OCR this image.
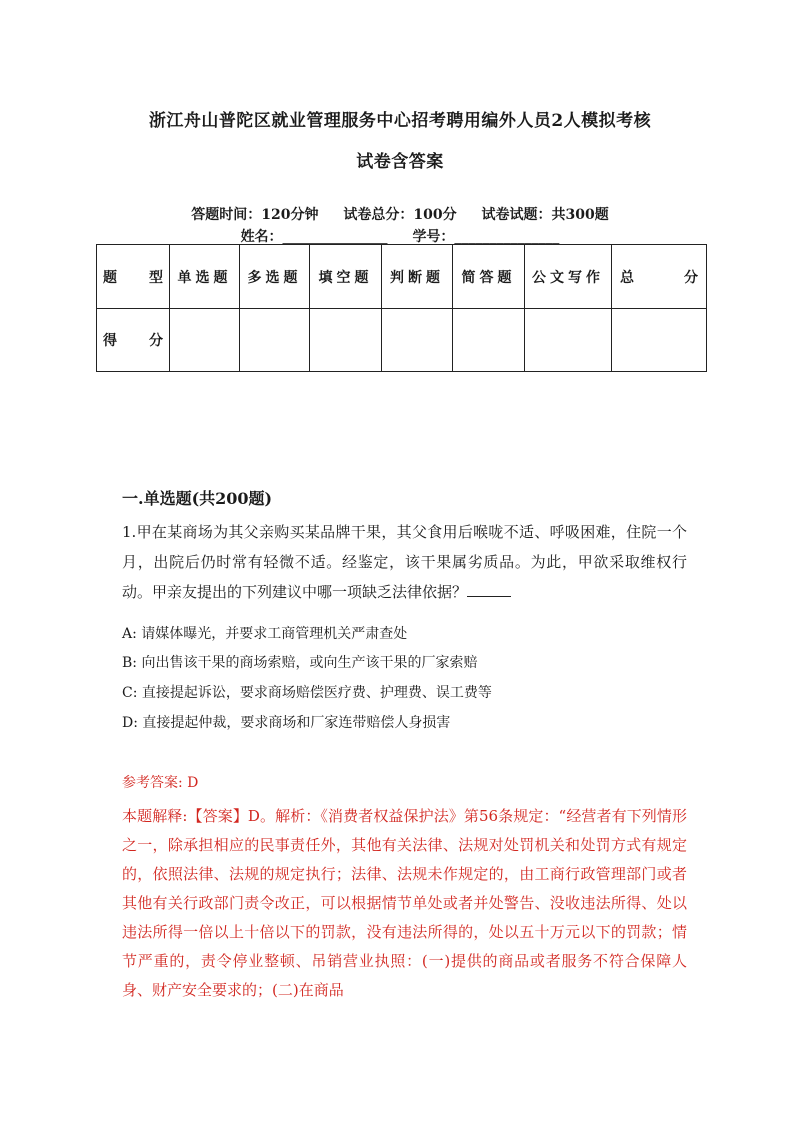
浙江舟山普陀区就业管理服务中心招考聘用编外人员2人模拟考核
试卷含答案
答题时间：120分钟 试卷总分：100分 试卷试题：共300题
姓名：_______________ 学号：_______________
题　型	单选题	多选题	填空题	判断题	简答题	公文写作	总　分
得　分							
一.单选题(共200题)
1.甲在某商场为其父亲购买某品牌干果，其父食用后喉咙不适、呼吸困难，住院一个月，出院后仍时常有轻微不适。经鉴定，该干果属劣质品。为此，甲欲采取维权行动。甲亲友提出的下列建议中哪一项缺乏法律依据？
A: 请媒体曝光，并要求工商管理机关严肃查处
B: 向出售该干果的商场索赔，或向生产该干果的厂家索赔
C: 直接提起诉讼，要求商场赔偿医疗费、护理费、误工费等
D: 直接提起仲裁，要求商场和厂家连带赔偿人身损害
参考答案: D
本题解释:【答案】D。解析：《消费者权益保护法》第56条规定：“经营者有下列情形之一，除承担相应的民事责任外，其他有关法律、法规对处罚机关和处罚方式有规定的，依照法律、法规的规定执行；法律、法规未作规定的，由工商行政管理部门或者其他有关行政部门责令改正，可以根据情节单处或者并处警告、没收违法所得、处以违法所得一倍以上十倍以下的罚款，没有违法所得的，处以五十万元以下的罚款；情节严重的，责令停业整顿、吊销营业执照：(一)提供的商品或者服务不符合保障人身、财产安全要求的；(二)在商品
